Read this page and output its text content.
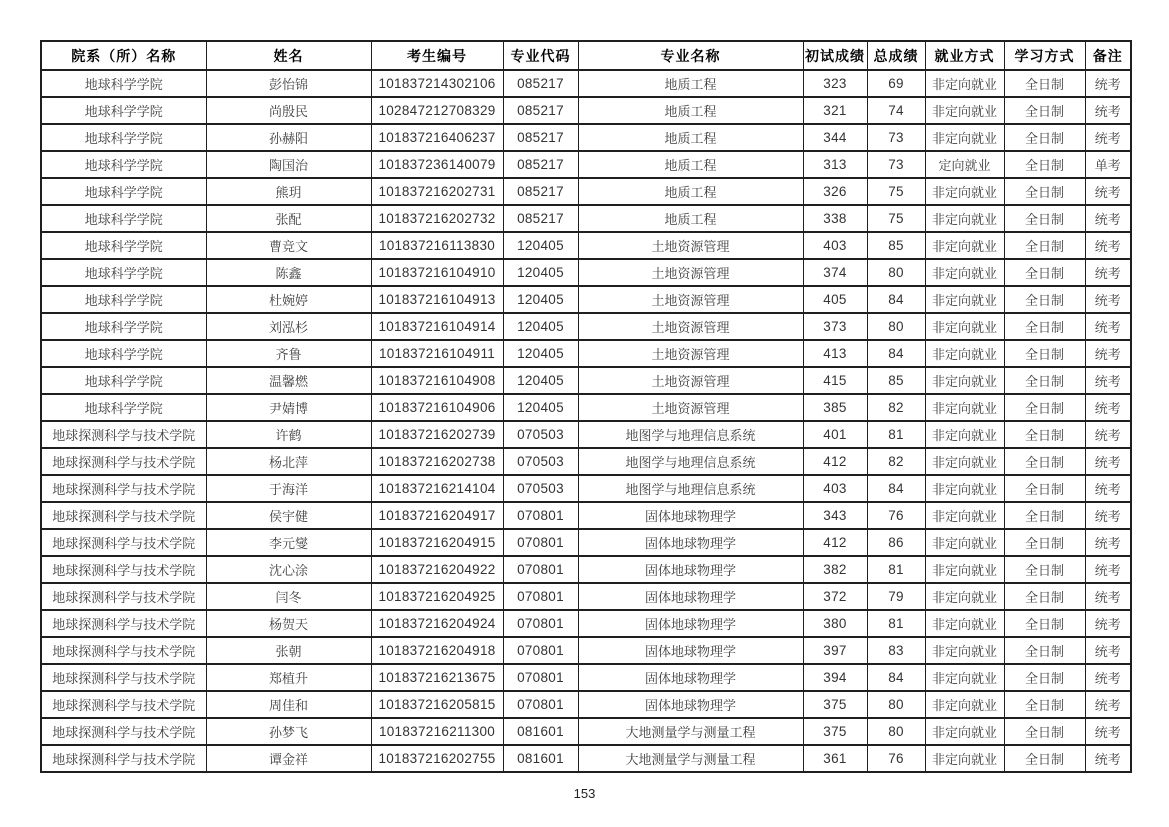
院系（所）名称	姓名	考生编号	专业代码	专业名称	初试成绩	总成绩	就业方式	学习方式	备注
地球科学学院	彭怡锦	101837214302106	085217	地质工程	323	69	非定向就业	全日制	统考
地球科学学院	尚殷民	102847212708329	085217	地质工程	321	74	非定向就业	全日制	统考
地球科学学院	孙赫阳	101837216406237	085217	地质工程	344	73	非定向就业	全日制	统考
地球科学学院	陶国治	101837236140079	085217	地质工程	313	73	定向就业	全日制	单考
地球科学学院	熊玥	101837216202731	085217	地质工程	326	75	非定向就业	全日制	统考
地球科学学院	张配	101837216202732	085217	地质工程	338	75	非定向就业	全日制	统考
地球科学学院	曹竞文	101837216113830	120405	土地资源管理	403	85	非定向就业	全日制	统考
地球科学学院	陈鑫	101837216104910	120405	土地资源管理	374	80	非定向就业	全日制	统考
地球科学学院	杜婉婷	101837216104913	120405	土地资源管理	405	84	非定向就业	全日制	统考
地球科学学院	刘泓杉	101837216104914	120405	土地资源管理	373	80	非定向就业	全日制	统考
地球科学学院	齐鲁	101837216104911	120405	土地资源管理	413	84	非定向就业	全日制	统考
地球科学学院	温馨燃	101837216104908	120405	土地资源管理	415	85	非定向就业	全日制	统考
地球科学学院	尹婧博	101837216104906	120405	土地资源管理	385	82	非定向就业	全日制	统考
地球探测科学与技术学院	许鹤	101837216202739	070503	地图学与地理信息系统	401	81	非定向就业	全日制	统考
地球探测科学与技术学院	杨北萍	101837216202738	070503	地图学与地理信息系统	412	82	非定向就业	全日制	统考
地球探测科学与技术学院	于海洋	101837216214104	070503	地图学与地理信息系统	403	84	非定向就业	全日制	统考
地球探测科学与技术学院	侯宇健	101837216204917	070801	固体地球物理学	343	76	非定向就业	全日制	统考
地球探测科学与技术学院	李元燮	101837216204915	070801	固体地球物理学	412	86	非定向就业	全日制	统考
地球探测科学与技术学院	沈心涂	101837216204922	070801	固体地球物理学	382	81	非定向就业	全日制	统考
地球探测科学与技术学院	闫冬	101837216204925	070801	固体地球物理学	372	79	非定向就业	全日制	统考
地球探测科学与技术学院	杨贺天	101837216204924	070801	固体地球物理学	380	81	非定向就业	全日制	统考
地球探测科学与技术学院	张朝	101837216204918	070801	固体地球物理学	397	83	非定向就业	全日制	统考
地球探测科学与技术学院	郑植升	101837216213675	070801	固体地球物理学	394	84	非定向就业	全日制	统考
地球探测科学与技术学院	周佳和	101837216205815	070801	固体地球物理学	375	80	非定向就业	全日制	统考
地球探测科学与技术学院	孙梦飞	101837216211300	081601	大地测量学与测量工程	375	80	非定向就业	全日制	统考
地球探测科学与技术学院	谭金祥	101837216202755	081601	大地测量学与测量工程	361	76	非定向就业	全日制	统考
153
